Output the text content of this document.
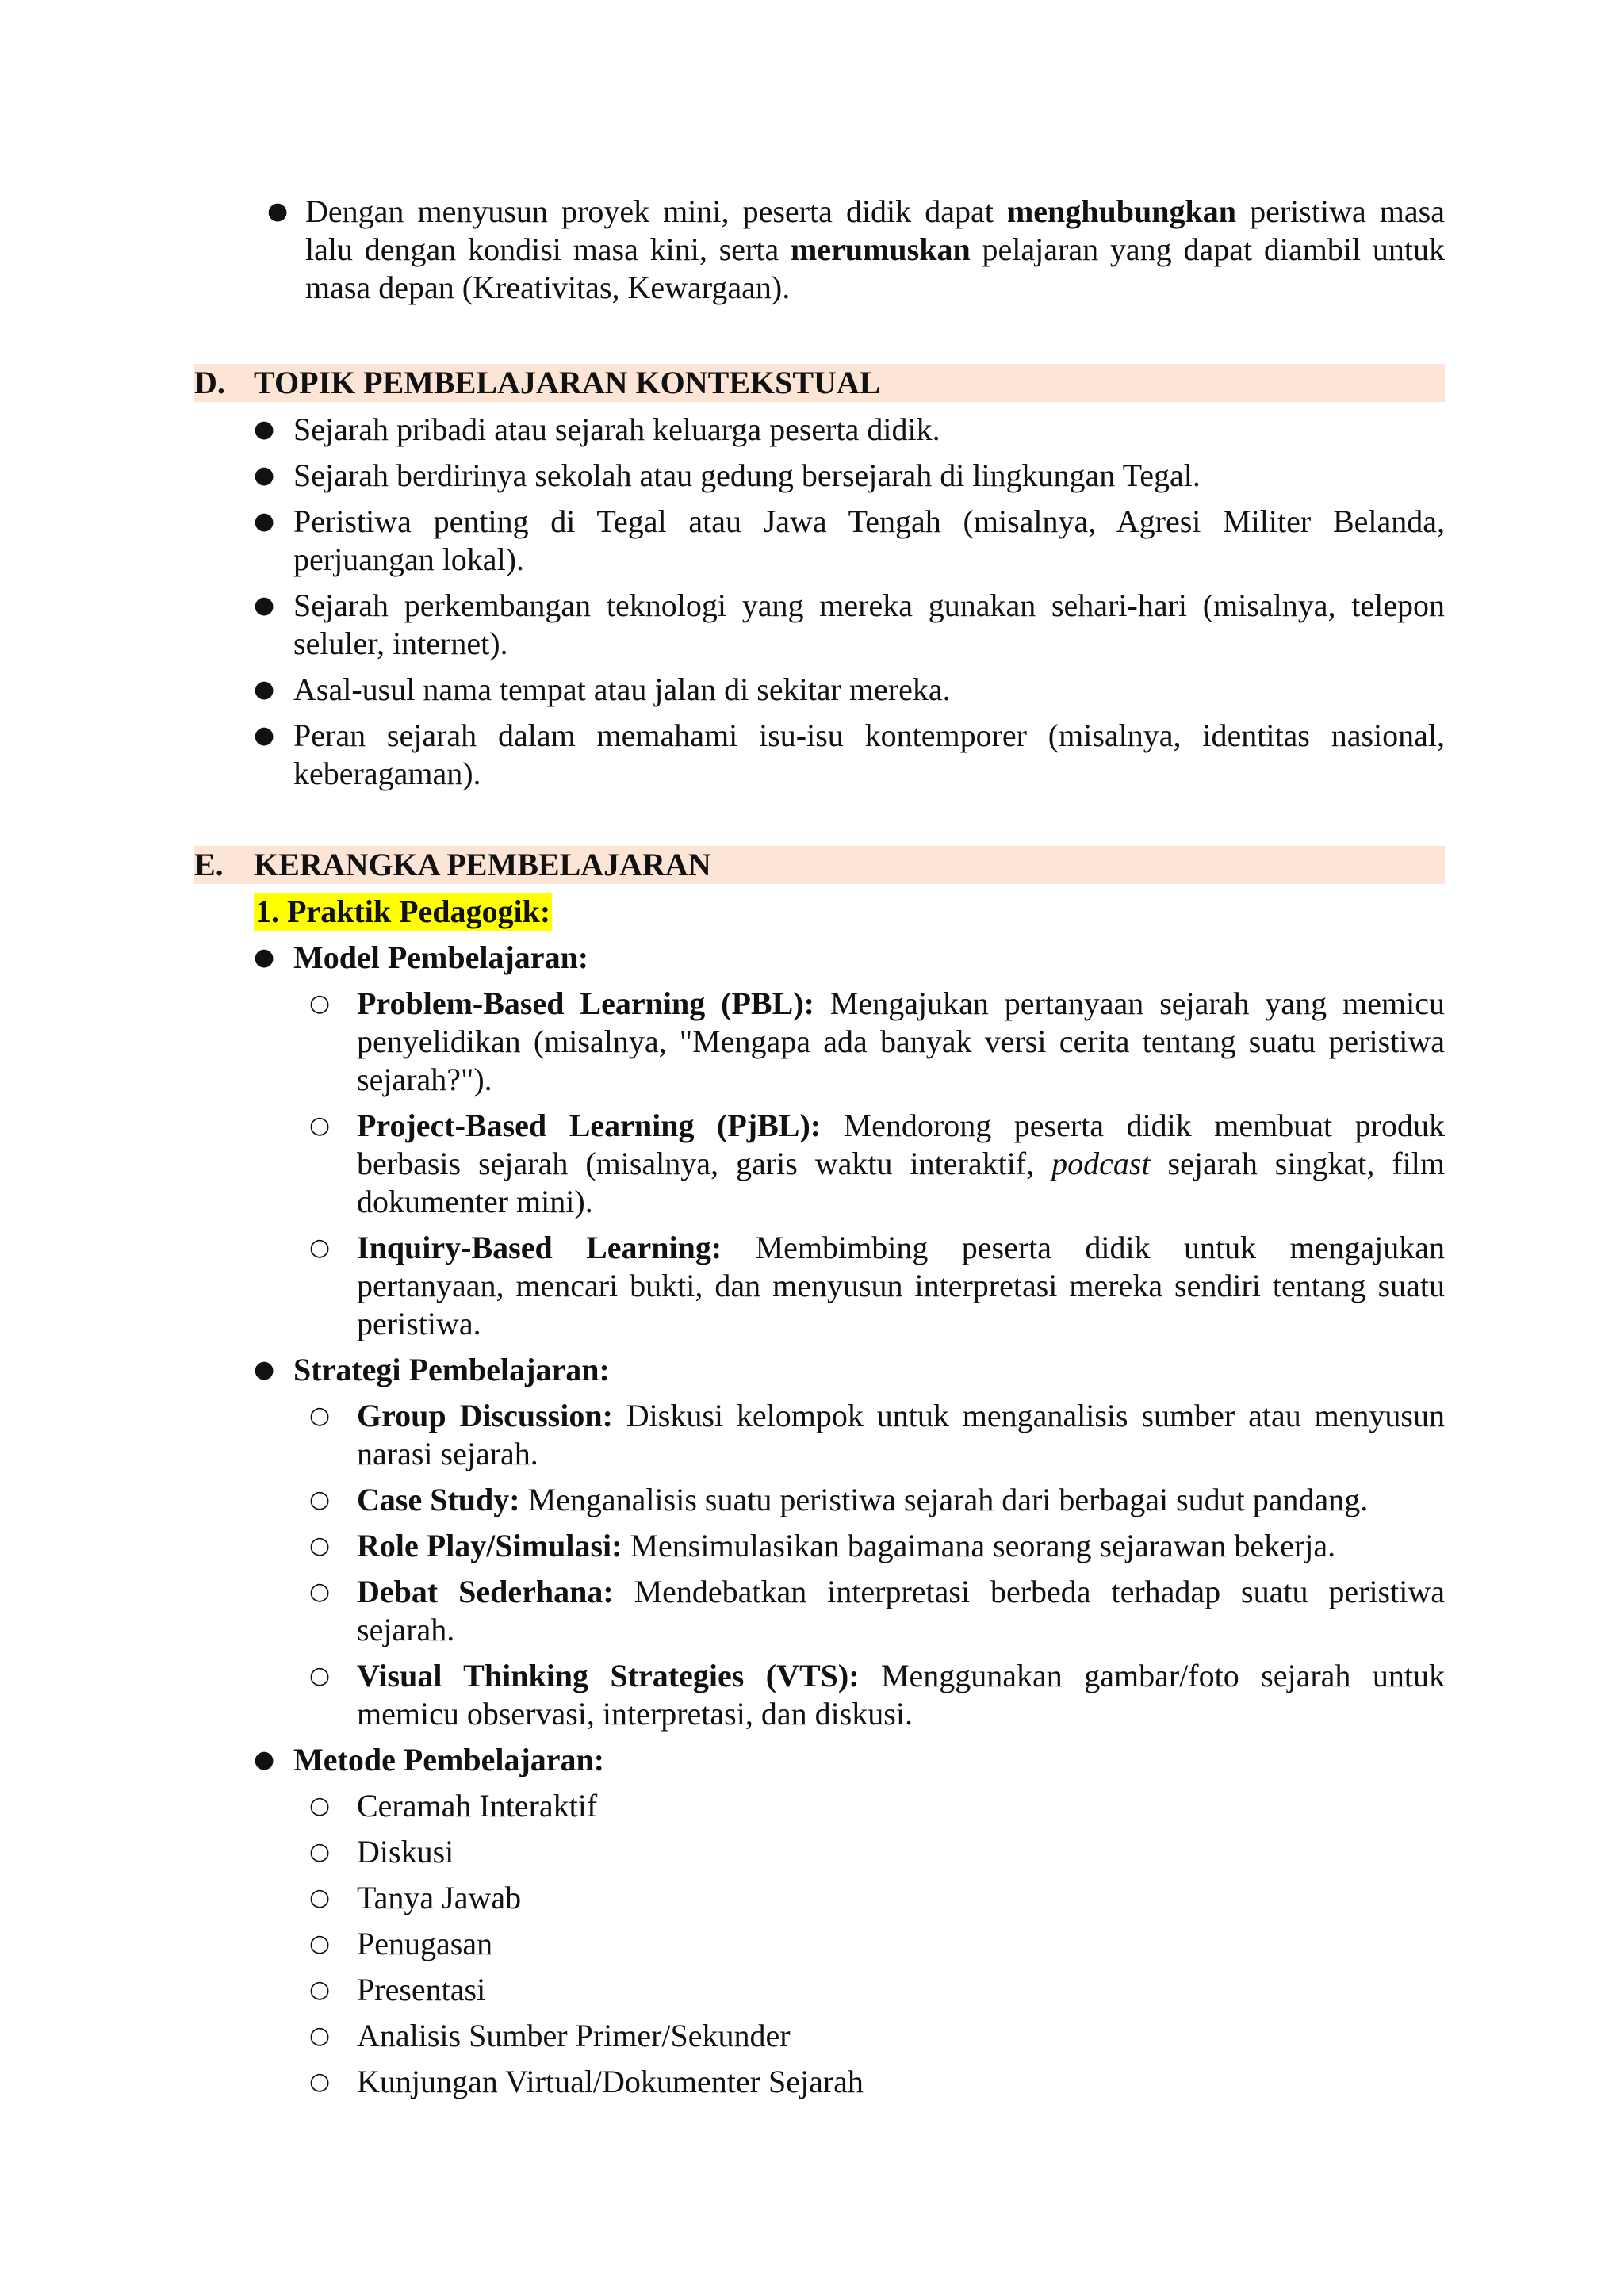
● Dengan menyusun proyek mini, peserta didik dapat menghubungkan peristiwa masa lalu dengan kondisi masa kini, serta merumuskan pelajaran yang dapat diambil untuk masa depan (Kreativitas, Kewargaan).
D. TOPIK PEMBELAJARAN KONTEKSTUAL
● Sejarah pribadi atau sejarah keluarga peserta didik.
● Sejarah berdirinya sekolah atau gedung bersejarah di lingkungan Tegal.
● Peristiwa penting di Tegal atau Jawa Tengah (misalnya, Agresi Militer Belanda, perjuangan lokal).
● Sejarah perkembangan teknologi yang mereka gunakan sehari-hari (misalnya, telepon seluler, internet).
● Asal-usul nama tempat atau jalan di sekitar mereka.
● Peran sejarah dalam memahami isu-isu kontemporer (misalnya, identitas nasional, keberagaman).
E. KERANGKA PEMBELAJARAN
1. Praktik Pedagogik:
● Model Pembelajaran:
○ Problem-Based Learning (PBL): Mengajukan pertanyaan sejarah yang memicu penyelidikan (misalnya, "Mengapa ada banyak versi cerita tentang suatu peristiwa sejarah?").
○ Project-Based Learning (PjBL): Mendorong peserta didik membuat produk berbasis sejarah (misalnya, garis waktu interaktif, podcast sejarah singkat, film dokumenter mini).
○ Inquiry-Based Learning: Membimbing peserta didik untuk mengajukan pertanyaan, mencari bukti, dan menyusun interpretasi mereka sendiri tentang suatu peristiwa.
● Strategi Pembelajaran:
○ Group Discussion: Diskusi kelompok untuk menganalisis sumber atau menyusun narasi sejarah.
○ Case Study: Menganalisis suatu peristiwa sejarah dari berbagai sudut pandang.
○ Role Play/Simulasi: Mensimulasikan bagaimana seorang sejarawan bekerja.
○ Debat Sederhana: Mendebatkan interpretasi berbeda terhadap suatu peristiwa sejarah.
○ Visual Thinking Strategies (VTS): Menggunakan gambar/foto sejarah untuk memicu observasi, interpretasi, dan diskusi.
● Metode Pembelajaran:
○ Ceramah Interaktif
○ Diskusi
○ Tanya Jawab
○ Penugasan
○ Presentasi
○ Analisis Sumber Primer/Sekunder
○ Kunjungan Virtual/Dokumenter Sejarah
